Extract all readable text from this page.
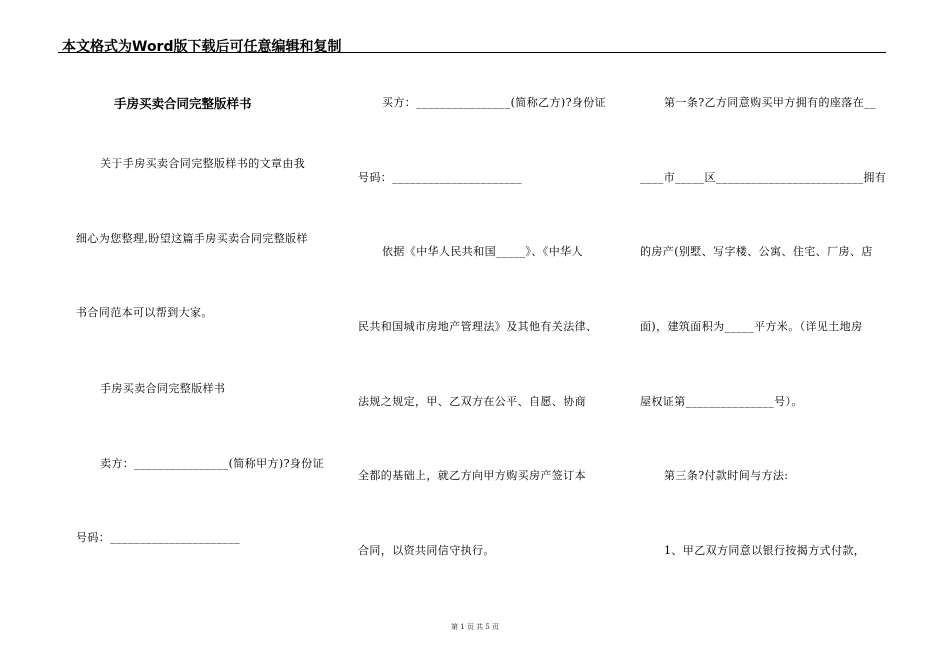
本文格式为Word版下载后可任意编辑和复制
手房买卖合同完整版样书
关于手房买卖合同完整版样书的文章由我
细心为您整理,盼望这篇手房买卖合同完整版样
书合同范本可以帮到大家。
手房买卖合同完整版样书
卖方：________________(简称甲方)?身份证
号码：______________________
买方：________________(简称乙方)?身份证
号码：______________________
依据《中华人民共和国_____》、《中华人
民共和国城市房地产管理法》及其他有关法律、
法规之规定，甲、乙双方在公平、自愿、协商
全都的基础上，就乙方向甲方购买房产签订本
合同，以资共同信守执行。
第一条?乙方同意购买甲方拥有的座落在__
____市_____区_________________________拥有
的房产(别墅、写字楼、公寓、住宅、厂房、店
面)，建筑面积为_____平方米。（详见土地房
屋权证第_______________号）。
第三条?付款时间与方法:
1、甲乙双方同意以银行按揭方式付款，
第 1 页 共 5 页
